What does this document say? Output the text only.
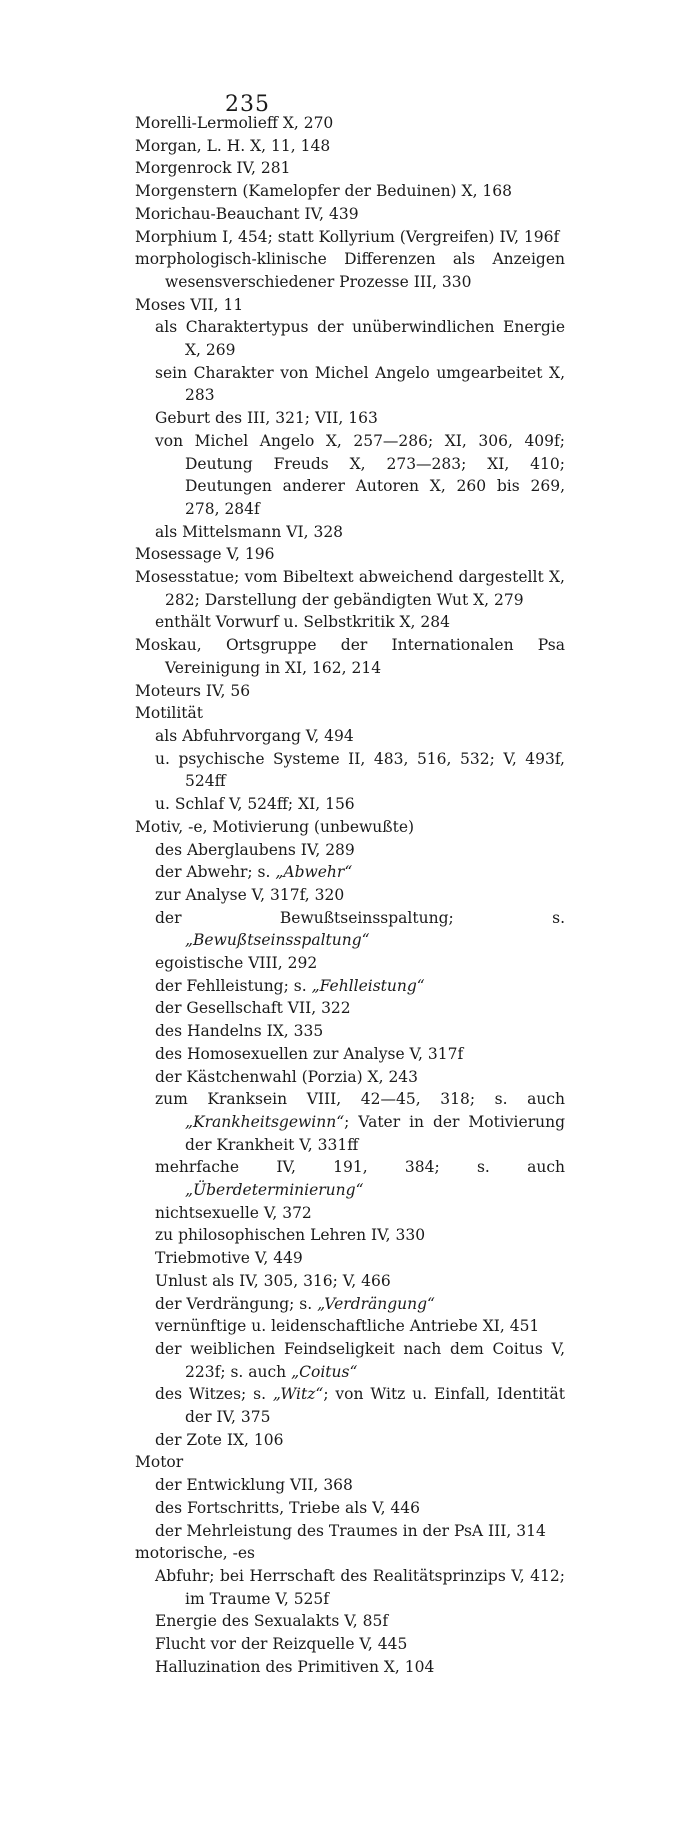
235

Morelli-Lermolieff X, 270

Morgan, L. H. X, 11, 148

Morgenrock IV, 281

Morgenstern (Kamelopfer der Beduinen) X, 168

Morichau-Beauchant IV, 439

Morphium I, 454; statt Kollyrium (Vergreifen) IV, 196f

morphologisch-klinische Differenzen als Anzeigen wesensverschiedener Prozesse III, 330

Moses VII, 11

als Charaktertypus der unüberwindlichen Energie X, 269

sein Charakter von Michel Angelo umgearbeitet X, 283

Geburt des III, 321; VII, 163

von Michel Angelo X, 257—286; XI, 306, 409f; Deutung Freuds X, 273—283; XI, 410; Deutungen anderer Autoren X, 260 bis 269, 278, 284f

als Mittelsmann VI, 328

Mosessage V, 196

Mosesstatue; vom Bibeltext abweichend dargestellt X, 282; Darstellung der gebändigten Wut X, 279

enthält Vorwurf u. Selbstkritik X, 284

Moskau, Ortsgruppe der Internationalen Psa Vereinigung in XI, 162, 214

Moteurs IV, 56

Motilität

als Abfuhrvorgang V, 494

u. psychische Systeme II, 483, 516, 532; V, 493f, 524ff

u. Schlaf V, 524ff; XI, 156

Motiv, -e, Motivierung (unbewußte)

des Aberglaubens IV, 289

der Abwehr; s. „Abwehr“

zur Analyse V, 317f, 320

der Bewußtseinsspaltung; s. „Bewußtseinsspaltung“

egoistische VIII, 292

der Fehlleistung; s. „Fehlleistung“

der Gesellschaft VII, 322

des Handelns IX, 335

des Homosexuellen zur Analyse V, 317f

der Kästchenwahl (Porzia) X, 243

zum Kranksein VIII, 42—45, 318; s. auch „Krankheitsgewinn“; Vater in der Motivierung der Krankheit V, 331ff

mehrfache IV, 191, 384; s. auch „Überdeterminierung“

nichtsexuelle V, 372

zu philosophischen Lehren IV, 330

Triebmotive V, 449

Unlust als IV, 305, 316; V, 466

der Verdrängung; s. „Verdrängung“

vernünftige u. leidenschaftliche Antriebe XI, 451

der weiblichen Feindseligkeit nach dem Coitus V, 223f; s. auch „Coitus“

des Witzes; s. „Witz“; von Witz u. Einfall, Identität der IV, 375

der Zote IX, 106

Motor

der Entwicklung VII, 368

des Fortschritts, Triebe als V, 446

der Mehrleistung des Traumes in der PsA III, 314

motorische, -es

Abfuhr; bei Herrschaft des Realitätsprinzips V, 412; im Traume V, 525f

Energie des Sexualakts V, 85f

Flucht vor der Reizquelle V, 445

Halluzination des Primitiven X, 104
